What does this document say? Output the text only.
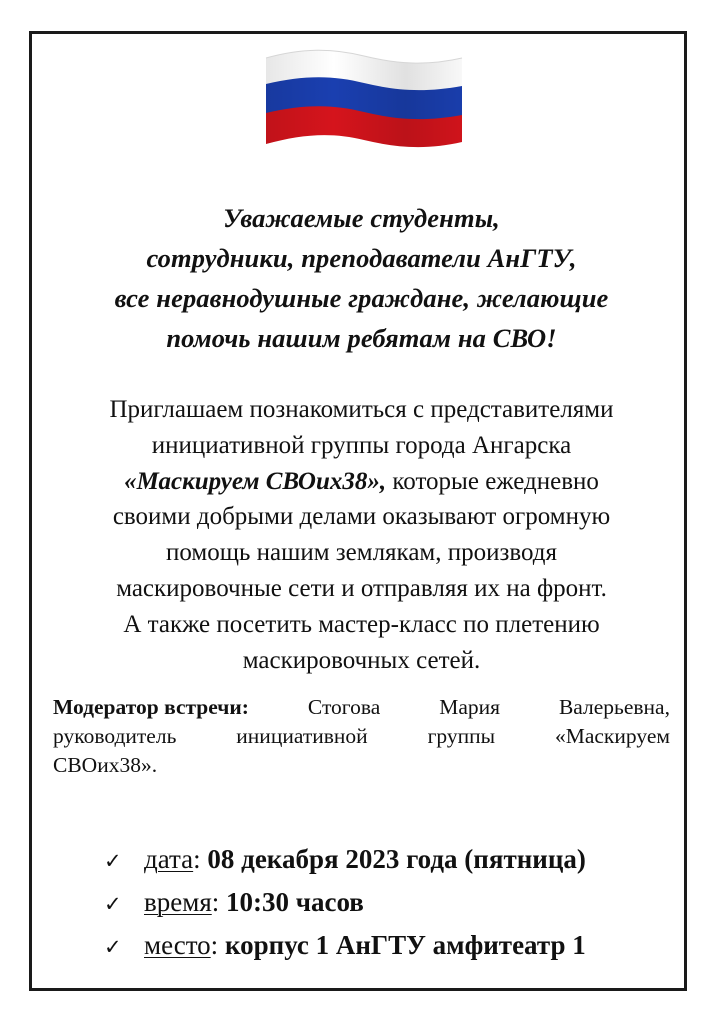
Уважаемые студенты,
сотрудники, преподаватели АнГТУ,
все неравнодушные граждане, желающие
помочь нашим ребятам на СВО!
Приглашаем познакомиться с представителями
инициативной группы города Ангарска
«Маскируем СВОих38», которые ежедневно
своими добрыми делами оказывают огромную
помощь нашим землякам, производя
маскировочные сети и отправляя их на фронт.
А также посетить мастер-класс по плетению
маскировочных сетей.
Модератор встречи:	Стогова	Мария	Валерьевна,
руководитель	инициативной	группы	«Маскируем
СВОих38».
✓ дата : 08 декабря 2023 года (пятница)
✓ время : 10:30 часов
✓ место : корпус 1 АнГТУ амфитеатр 1
